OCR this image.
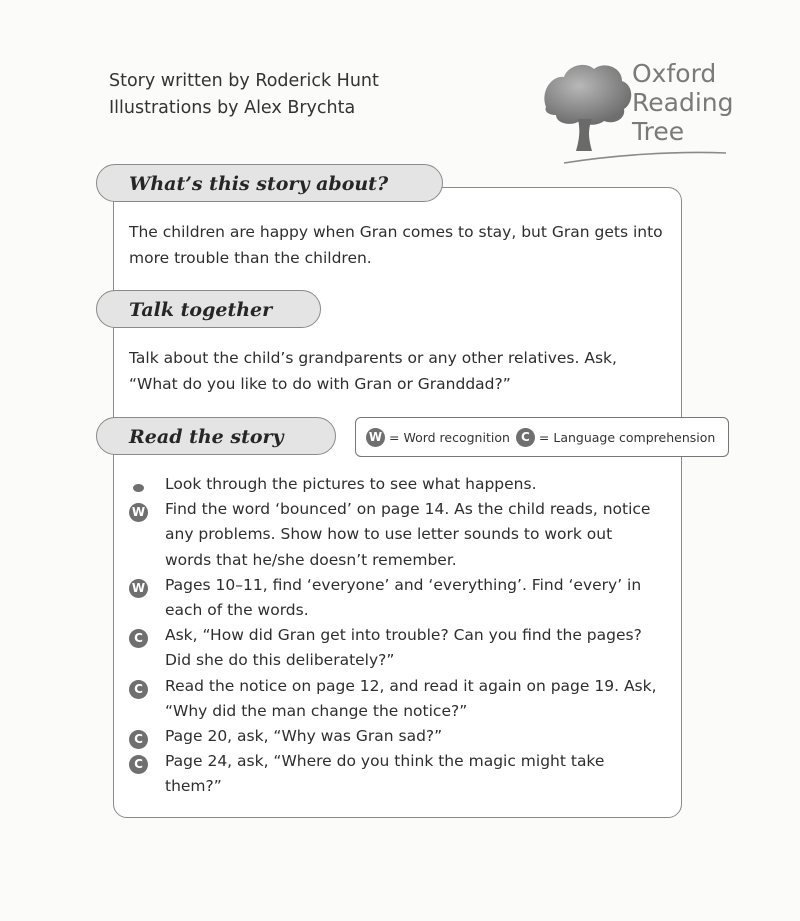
Story written by Roderick Hunt
Illustrations by Alex Brychta
Oxford
Reading
Tree
What’s this story about?
The children are happy when Gran comes to stay, but Gran gets into
more trouble than the children.
Talk together
Talk about the child’s grandparents or any other relatives. Ask,
“What do you like to do with Gran or Granddad?”
Read the story	W = Word recognition C = Language comprehension
Look through the pictures to see what happens.
W Find the word ‘bounced’ on page 14. As the child reads, notice
any problems. Show how to use letter sounds to work out
words that he/she doesn’t remember.
W Pages 10–11, find ‘everyone’ and ‘everything’. Find ‘every’ in
each of the words.
C	Ask, “How did Gran get into trouble? Can you find the pages?
Did she do this deliberately?”
C	Read the notice on page 12, and read it again on page 19. Ask,
“Why did the man change the notice?”
C	Page 20, ask, “Why was Gran sad?”
C	Page 24, ask, “Where do you think the magic might take
them?”
